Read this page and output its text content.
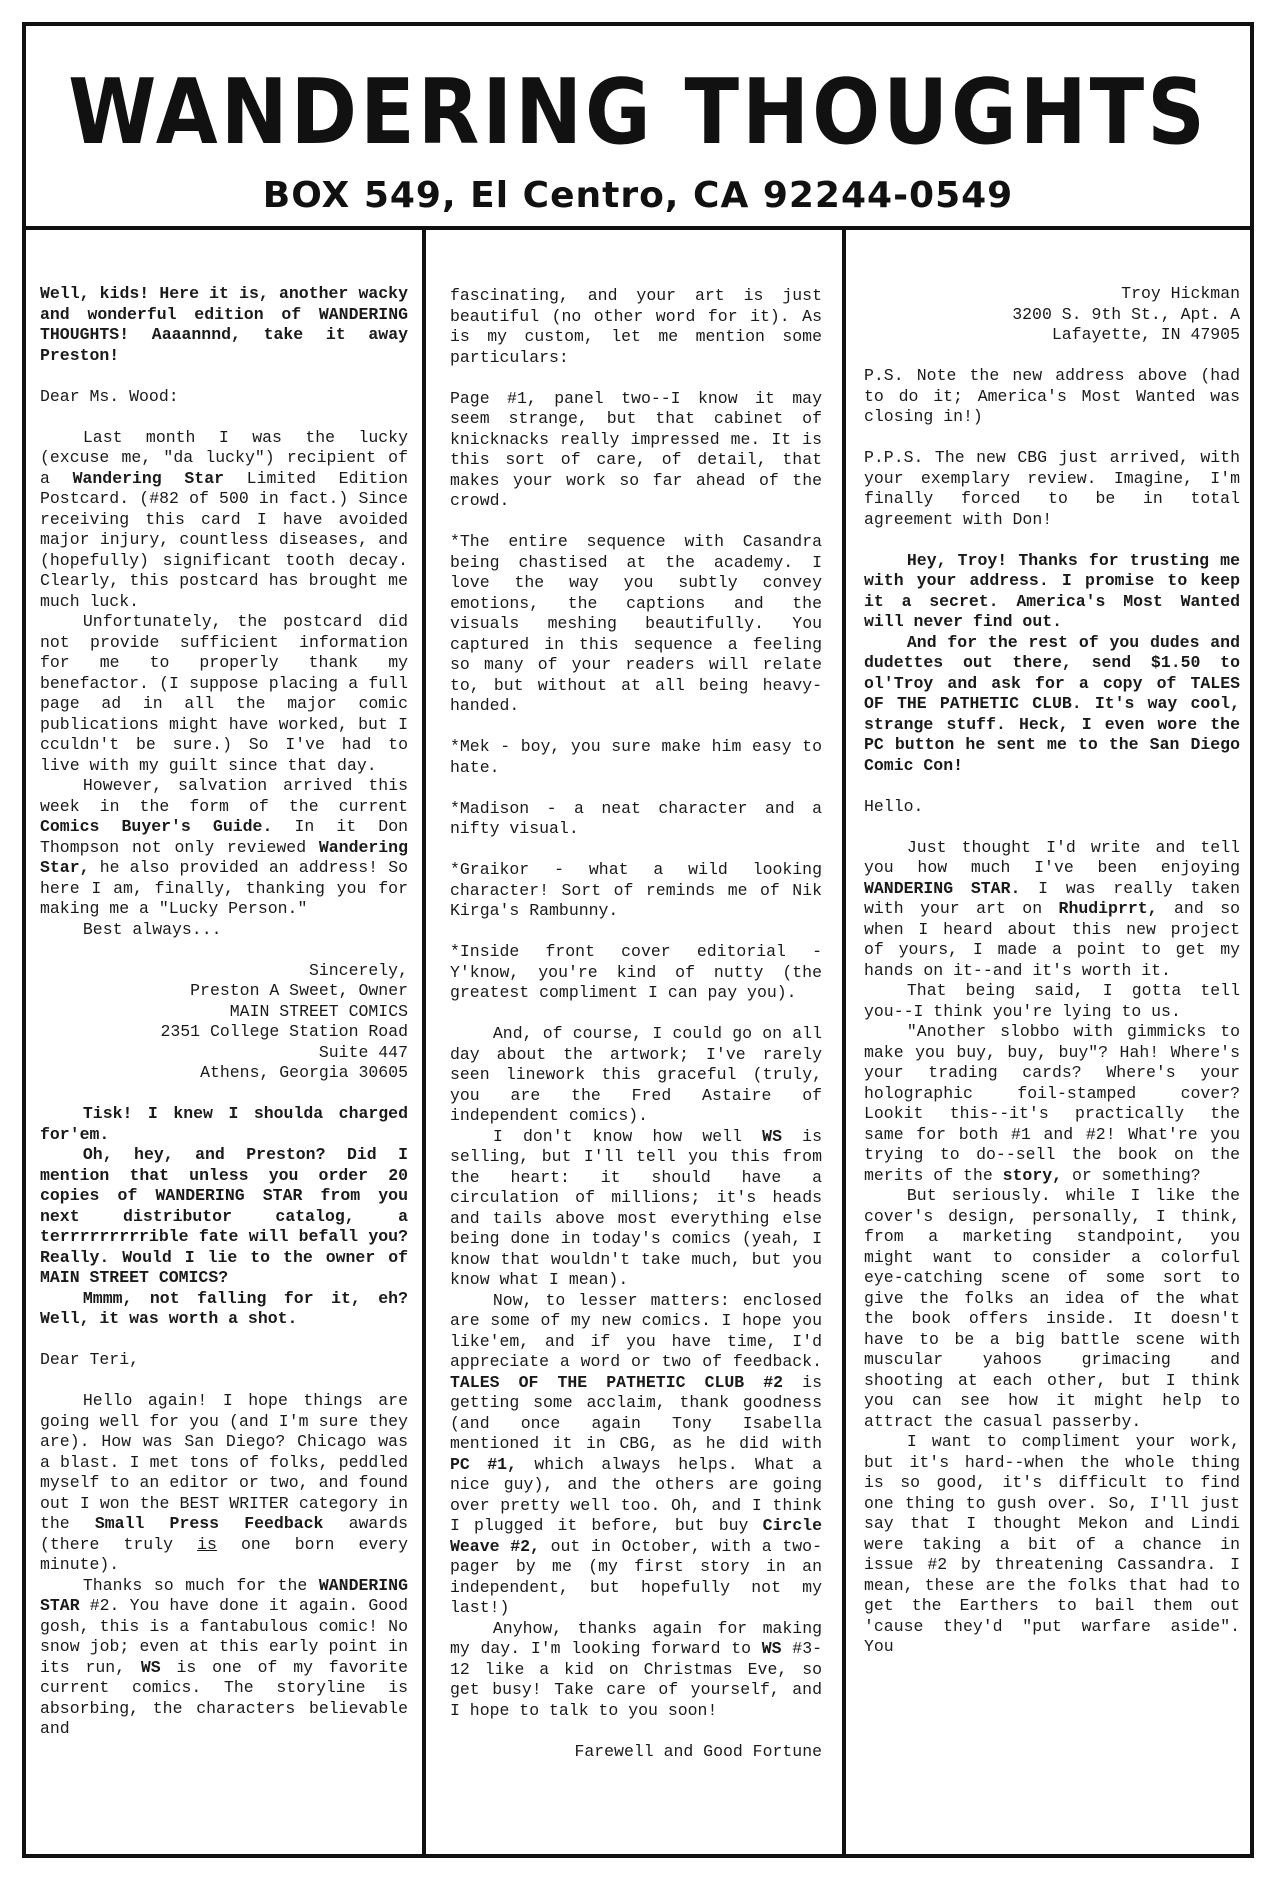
WANDERING THOUGHTS
BOX 549, El Centro, CA 92244-0549

Well, kids! Here it is, another wacky and wonderful edition of WANDERING THOUGHTS! Aaaannnd, take it away Preston!

Dear Ms. Wood:

Last month I was the lucky (excuse me, "da lucky") recipient of a Wandering Star Limited Edition Postcard. (#82 of 500 in fact.) Since receiving this card I have avoided major injury, countless diseases, and (hopefully) significant tooth decay. Clearly, this postcard has brought me much luck.

Unfortunately, the postcard did not provide sufficient information for me to properly thank my benefactor. (I suppose placing a full page ad in all the major comic publications might have worked, but I cculdn't be sure.) So I've had to live with my guilt since that day.

However, salvation arrived this week in the form of the current Comics Buyer's Guide. In it Don Thompson not only reviewed Wandering Star, he also provided an address! So here I am, finally, thanking you for making me a "Lucky Person."

Best always...

Sincerely,

Preston A Sweet, Owner

MAIN STREET COMICS

2351 College Station Road

Suite 447

Athens, Georgia 30605

Tisk! I knew I shoulda charged for'em.

Oh, hey, and Preston? Did I mention that unless you order 20 copies of WANDERING STAR from you next distributor catalog, a terrrrrrrrrible fate will befall you? Really. Would I lie to the owner of MAIN STREET COMICS?

Mmmm, not falling for it, eh? Well, it was worth a shot.

Dear Teri,

Hello again! I hope things are going well for you (and I'm sure they are). How was San Diego? Chicago was a blast. I met tons of folks, peddled myself to an editor or two, and found out I won the BEST WRITER category in the Small Press Feedback awards (there truly is one born every minute).

Thanks so much for the WANDERING STAR #2. You have done it again. Good gosh, this is a fantabulous comic! No snow job; even at this early point in its run, WS is one of my favorite current comics. The storyline is absorbing, the characters believable and

fascinating, and your art is just beautiful (no other word for it). As is my custom, let me mention some particulars:

Page #1, panel two--I know it may seem strange, but that cabinet of knicknacks really impressed me. It is this sort of care, of detail, that makes your work so far ahead of the crowd.

*The entire sequence with Casandra being chastised at the academy. I love the way you subtly convey emotions, the captions and the visuals meshing beautifully. You captured in this sequence a feeling so many of your readers will relate to, but without at all being heavy-handed.

*Mek - boy, you sure make him easy to hate.

*Madison - a neat character and a nifty visual.

*Graikor - what a wild looking character! Sort of reminds me of Nik Kirga's Rambunny.

*Inside front cover editorial - Y'know, you're kind of nutty (the greatest compliment I can pay you).

And, of course, I could go on all day about the artwork; I've rarely seen linework this graceful (truly, you are the Fred Astaire of independent comics).

I don't know how well WS is selling, but I'll tell you this from the heart: it should have a circulation of millions; it's heads and tails above most everything else being done in today's comics (yeah, I know that wouldn't take much, but you know what I mean).

Now, to lesser matters: enclosed are some of my new comics. I hope you like'em, and if you have time, I'd appreciate a word or two of feedback. TALES OF THE PATHETIC CLUB #2 is getting some acclaim, thank goodness (and once again Tony Isabella mentioned it in CBG, as he did with PC #1, which always helps. What a nice guy), and the others are going over pretty well too. Oh, and I think I plugged it before, but buy Circle Weave #2, out in October, with a two-pager by me (my first story in an independent, but hopefully not my last!)

Anyhow, thanks again for making my day. I'm looking forward to WS #3-12 like a kid on Christmas Eve, so get busy! Take care of yourself, and I hope to talk to you soon!

Farewell and Good Fortune

Troy Hickman

3200 S. 9th St., Apt. A

Lafayette, IN 47905

P.S. Note the new address above (had to do it; America's Most Wanted was closing in!)

P.P.S. The new CBG just arrived, with your exemplary review. Imagine, I'm finally forced to be in total agreement with Don!

Hey, Troy! Thanks for trusting me with your address. I promise to keep it a secret. America's Most Wanted will never find out.

And for the rest of you dudes and dudettes out there, send $1.50 to ol'Troy and ask for a copy of TALES OF THE PATHETIC CLUB. It's way cool, strange stuff. Heck, I even wore the PC button he sent me to the San Diego Comic Con!

Hello.

Just thought I'd write and tell you how much I've been enjoying WANDERING STAR. I was really taken with your art on Rhudiprrt, and so when I heard about this new project of yours, I made a point to get my hands on it--and it's worth it.

That being said, I gotta tell you--I think you're lying to us.

"Another slobbo with gimmicks to make you buy, buy, buy"? Hah! Where's your trading cards? Where's your holographic foil-stamped cover? Lookit this--it's practically the same for both #1 and #2! What're you trying to do--sell the book on the merits of the story, or something?

But seriously. while I like the cover's design, personally, I think, from a marketing standpoint, you might want to consider a colorful eye-catching scene of some sort to give the folks an idea of the what the book offers inside. It doesn't have to be a big battle scene with muscular yahoos grimacing and shooting at each other, but I think you can see how it might help to attract the casual passerby.

I want to compliment your work, but it's hard--when the whole thing is so good, it's difficult to find one thing to gush over. So, I'll just say that I thought Mekon and Lindi were taking a bit of a chance in issue #2 by threatening Cassandra. I mean, these are the folks that had to get the Earthers to bail them out 'cause they'd "put warfare aside". You
